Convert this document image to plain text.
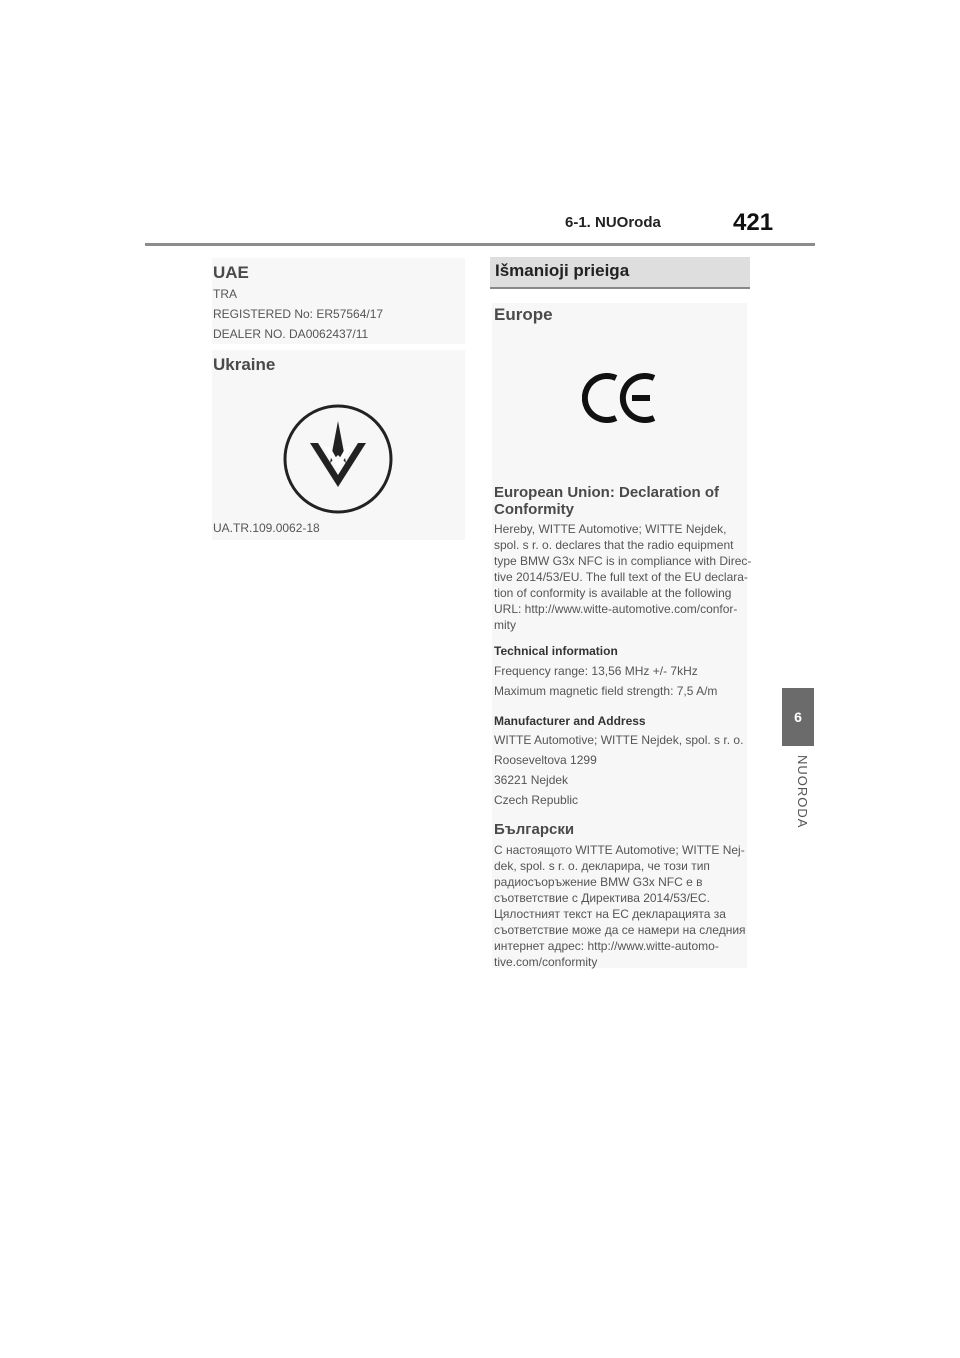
6-1. NUOroda	421
6
NUORODA
UAE
TRA
REGISTERED No: ER57564/17
DEALER NO. DA0062437/11
Ukraine
UA.TR.109.0062-18
Išmanioji prieiga
Europe
European Union: Declaration of
Conformity
Hereby, WITTE Automotive; WITTE Nejdek,
spol. s r. o. declares that the radio equipment
type BMW G3x NFC is in compliance with Direc-
tive 2014/53/EU. The full text of the EU declara-
tion of conformity is available at the following
URL: http://www.witte-automotive.com/confor-
mity
Technical information
Frequency range: 13,56 MHz +/- 7kHz
Maximum magnetic field strength: 7,5 A/m
Manufacturer and Address
WITTE Automotive; WITTE Nejdek, spol. s r. o.
Rooseveltova 1299
36221 Nejdek
Czech Republic
Български
С настоящото WITTE Automotive; WITTE Nej-
dek, spol. s r. o. декларира, че този тип
радиосъоръжение BMW G3x NFC е в
съответствие с Директива 2014/53/ЕС.
Цялостният текст на ЕС декларацията за
съответствие може да се намери на следния
интернет адрес: http://www.witte-automo-
tive.com/conformity
